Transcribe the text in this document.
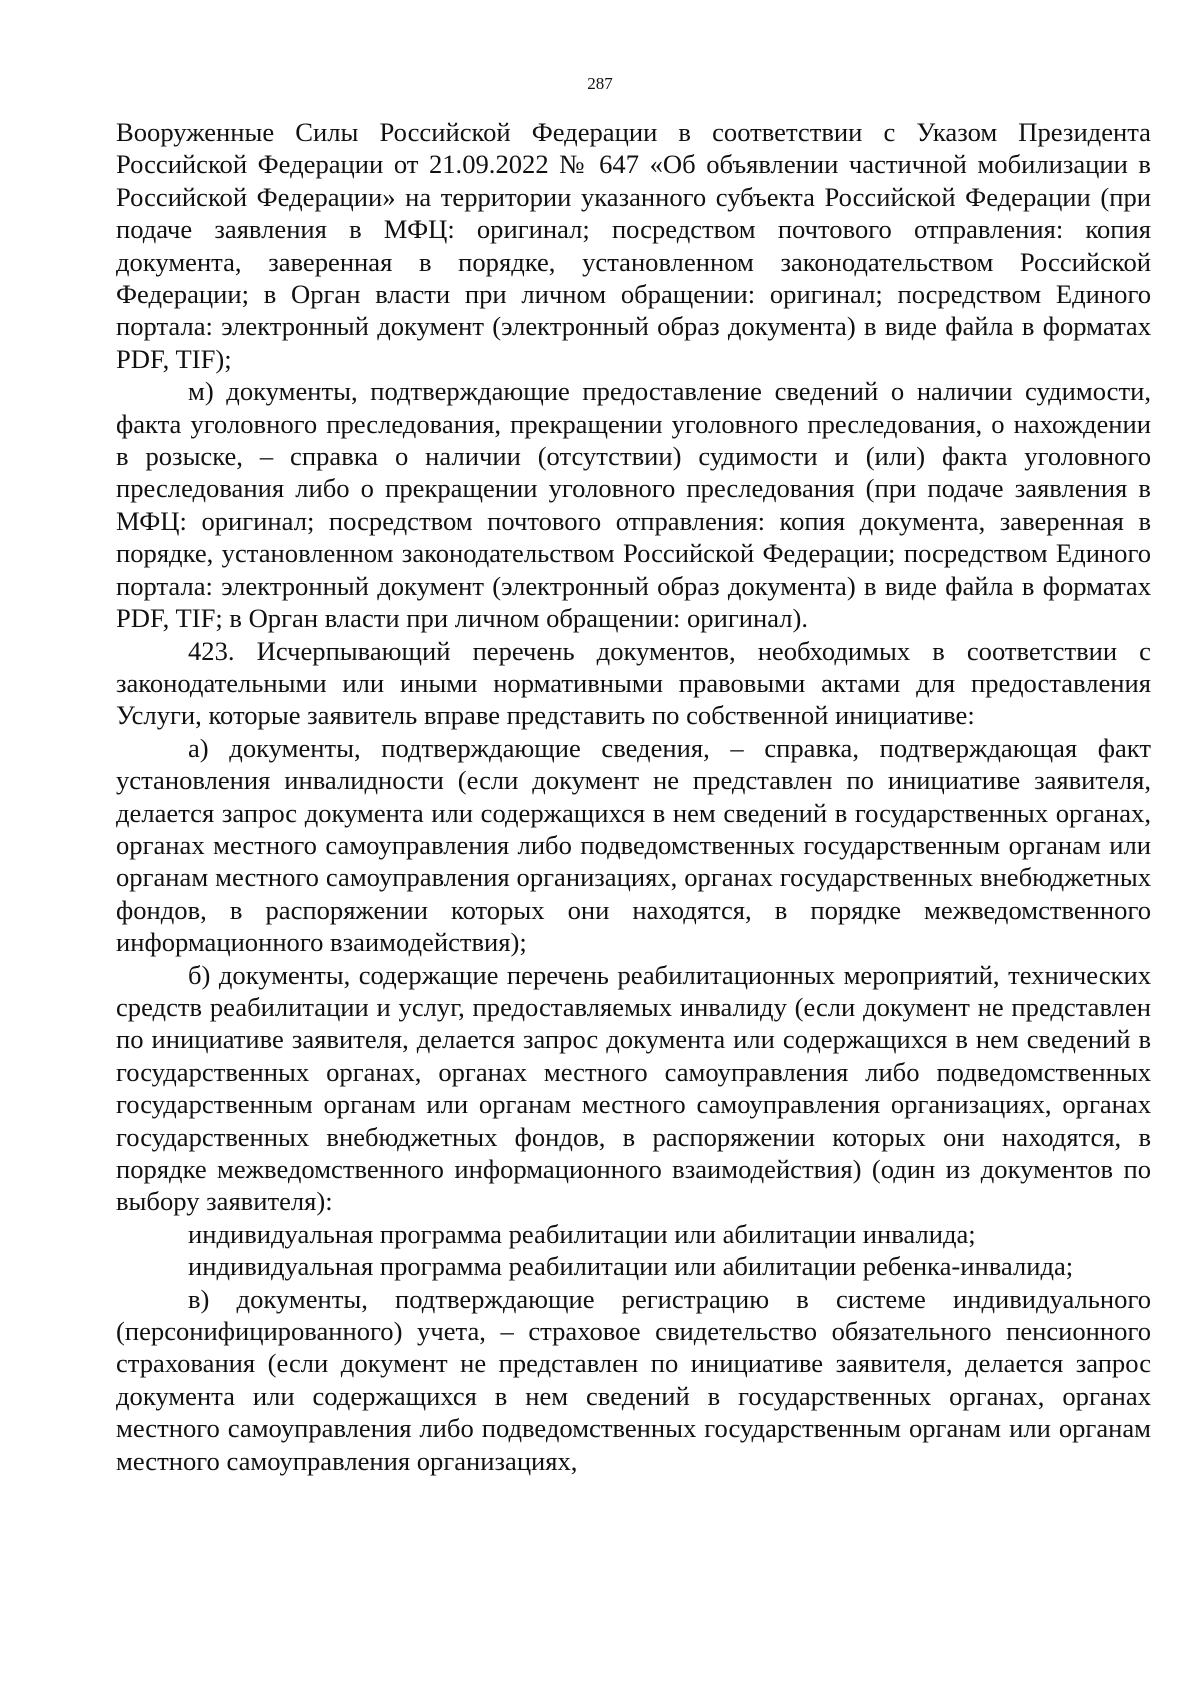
287

Вооруженные Силы Российской Федерации в соответствии с Указом Президента Российской Федерации от 21.09.2022 № 647 «Об объявлении частичной мобилизации в Российской Федерации» на территории указанного субъекта Российской Федерации (при подаче заявления в МФЦ: оригинал; посредством почтового отправления: копия документа, заверенная в порядке, установленном законодательством Российской Федерации; в Орган власти при личном обращении: оригинал; посредством Единого портала: электронный документ (электронный образ документа) в виде файла в форматах PDF, TIF);

м) документы, подтверждающие предоставление сведений о наличии судимости, факта уголовного преследования, прекращении уголовного преследования, о нахождении в розыске, – справка о наличии (отсутствии) судимости и (или) факта уголовного преследования либо о прекращении уголовного преследования (при подаче заявления в МФЦ: оригинал; посредством почтового отправления: копия документа, заверенная в порядке, установленном законодательством Российской Федерации; посредством Единого портала: электронный документ (электронный образ документа) в виде файла в форматах PDF, TIF; в Орган власти при личном обращении: оригинал).

423. Исчерпывающий перечень документов, необходимых в соответствии с законодательными или иными нормативными правовыми актами для предоставления Услуги, которые заявитель вправе представить по собственной инициативе:

а) документы, подтверждающие сведения, – справка, подтверждающая факт установления инвалидности (если документ не представлен по инициативе заявителя, делается запрос документа или содержащихся в нем сведений в государственных органах, органах местного самоуправления либо подведомственных государственным органам или органам местного самоуправления организациях, органах государственных внебюджетных фондов, в распоряжении которых они находятся, в порядке межведомственного информационного взаимодействия);

б) документы, содержащие перечень реабилитационных мероприятий, технических средств реабилитации и услуг, предоставляемых инвалиду (если документ не представлен по инициативе заявителя, делается запрос документа или содержащихся в нем сведений в государственных органах, органах местного самоуправления либо подведомственных государственным органам или органам местного самоуправления организациях, органах государственных внебюджетных фондов, в распоряжении которых они находятся, в порядке межведомственного информационного взаимодействия) (один из документов по выбору заявителя):

индивидуальная программа реабилитации или абилитации инвалида;

индивидуальная программа реабилитации или абилитации ребенка-инвалида;

в) документы, подтверждающие регистрацию в системе индивидуального (персонифицированного) учета, – страховое свидетельство обязательного пенсионного страхования (если документ не представлен по инициативе заявителя, делается запрос документа или содержащихся в нем сведений в государственных органах, органах местного самоуправления либо подведомственных государственным органам или органам местного самоуправления организациях,
